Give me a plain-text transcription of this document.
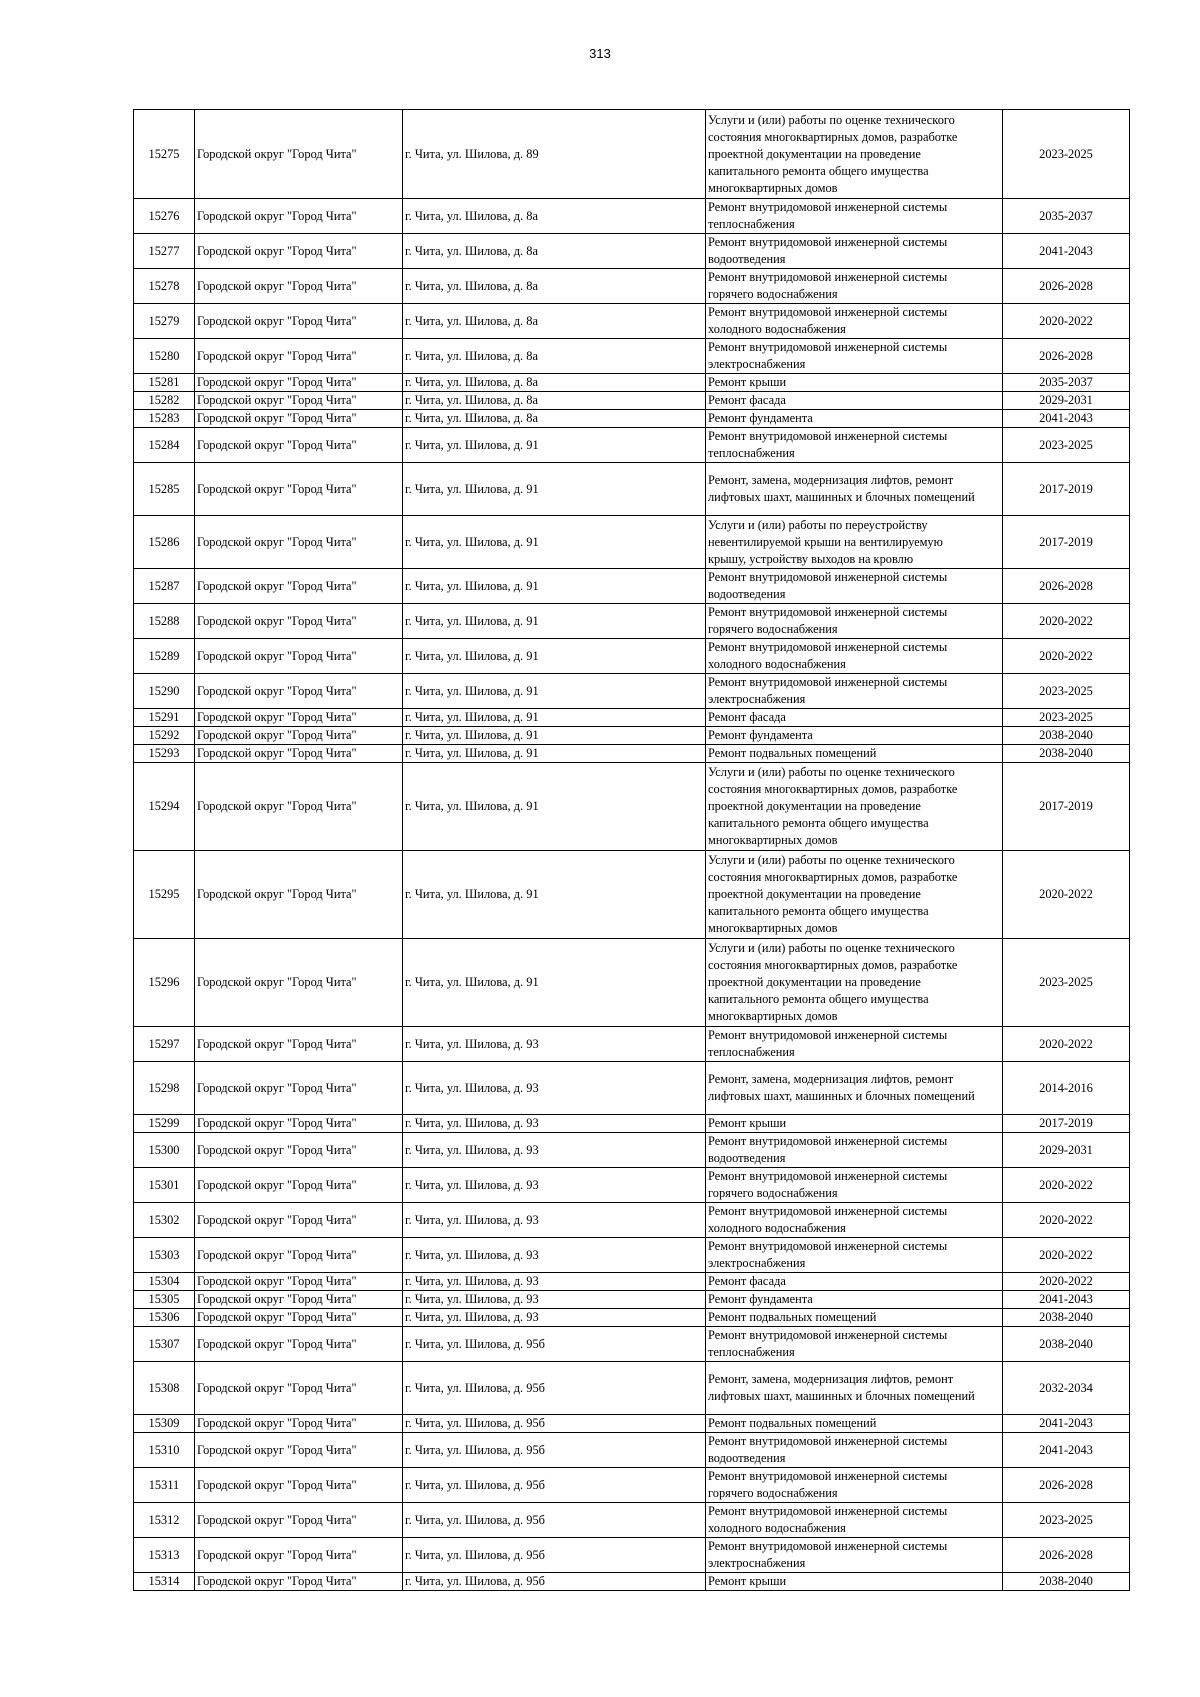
313
15275	Городской округ "Город Чита"	г. Чита, ул. Шилова, д. 89	Услуги и (или) работы по оценке технического
состояния многоквартирных домов, разработке
проектной документации на проведение
капитального ремонта общего имущества
многоквартирных домов	2023-2025
15276	Городской округ "Город Чита"	г. Чита, ул. Шилова, д. 8а	Ремонт внутридомовой инженерной системы
теплоснабжения	2035-2037
15277	Городской округ "Город Чита"	г. Чита, ул. Шилова, д. 8а	Ремонт внутридомовой инженерной системы
водоотведения	2041-2043
15278	Городской округ "Город Чита"	г. Чита, ул. Шилова, д. 8а	Ремонт внутридомовой инженерной системы
горячего водоснабжения	2026-2028
15279	Городской округ "Город Чита"	г. Чита, ул. Шилова, д. 8а	Ремонт внутридомовой инженерной системы
холодного водоснабжения	2020-2022
15280	Городской округ "Город Чита"	г. Чита, ул. Шилова, д. 8а	Ремонт внутридомовой инженерной системы
электроснабжения	2026-2028
15281	Городской округ "Город Чита"	г. Чита, ул. Шилова, д. 8а	Ремонт крыши	2035-2037
15282	Городской округ "Город Чита"	г. Чита, ул. Шилова, д. 8а	Ремонт фасада	2029-2031
15283	Городской округ "Город Чита"	г. Чита, ул. Шилова, д. 8а	Ремонт фундамента	2041-2043
15284	Городской округ "Город Чита"	г. Чита, ул. Шилова, д. 91	Ремонт внутридомовой инженерной системы
теплоснабжения	2023-2025
15285	Городской округ "Город Чита"	г. Чита, ул. Шилова, д. 91	Ремонт, замена, модернизация лифтов, ремонт
лифтовых шахт, машинных и блочных помещений	2017-2019
15286	Городской округ "Город Чита"	г. Чита, ул. Шилова, д. 91	Услуги и (или) работы по переустройству
невентилируемой крыши на вентилируемую
крышу, устройству выходов на кровлю	2017-2019
15287	Городской округ "Город Чита"	г. Чита, ул. Шилова, д. 91	Ремонт внутридомовой инженерной системы
водоотведения	2026-2028
15288	Городской округ "Город Чита"	г. Чита, ул. Шилова, д. 91	Ремонт внутридомовой инженерной системы
горячего водоснабжения	2020-2022
15289	Городской округ "Город Чита"	г. Чита, ул. Шилова, д. 91	Ремонт внутридомовой инженерной системы
холодного водоснабжения	2020-2022
15290	Городской округ "Город Чита"	г. Чита, ул. Шилова, д. 91	Ремонт внутридомовой инженерной системы
электроснабжения	2023-2025
15291	Городской округ "Город Чита"	г. Чита, ул. Шилова, д. 91	Ремонт фасада	2023-2025
15292	Городской округ "Город Чита"	г. Чита, ул. Шилова, д. 91	Ремонт фундамента	2038-2040
15293	Городской округ "Город Чита"	г. Чита, ул. Шилова, д. 91	Ремонт подвальных помещений	2038-2040
15294	Городской округ "Город Чита"	г. Чита, ул. Шилова, д. 91	Услуги и (или) работы по оценке технического
состояния многоквартирных домов, разработке
проектной документации на проведение
капитального ремонта общего имущества
многоквартирных домов	2017-2019
15295	Городской округ "Город Чита"	г. Чита, ул. Шилова, д. 91	Услуги и (или) работы по оценке технического
состояния многоквартирных домов, разработке
проектной документации на проведение
капитального ремонта общего имущества
многоквартирных домов	2020-2022
15296	Городской округ "Город Чита"	г. Чита, ул. Шилова, д. 91	Услуги и (или) работы по оценке технического
состояния многоквартирных домов, разработке
проектной документации на проведение
капитального ремонта общего имущества
многоквартирных домов	2023-2025
15297	Городской округ "Город Чита"	г. Чита, ул. Шилова, д. 93	Ремонт внутридомовой инженерной системы
теплоснабжения	2020-2022
15298	Городской округ "Город Чита"	г. Чита, ул. Шилова, д. 93	Ремонт, замена, модернизация лифтов, ремонт
лифтовых шахт, машинных и блочных помещений	2014-2016
15299	Городской округ "Город Чита"	г. Чита, ул. Шилова, д. 93	Ремонт крыши	2017-2019
15300	Городской округ "Город Чита"	г. Чита, ул. Шилова, д. 93	Ремонт внутридомовой инженерной системы
водоотведения	2029-2031
15301	Городской округ "Город Чита"	г. Чита, ул. Шилова, д. 93	Ремонт внутридомовой инженерной системы
горячего водоснабжения	2020-2022
15302	Городской округ "Город Чита"	г. Чита, ул. Шилова, д. 93	Ремонт внутридомовой инженерной системы
холодного водоснабжения	2020-2022
15303	Городской округ "Город Чита"	г. Чита, ул. Шилова, д. 93	Ремонт внутридомовой инженерной системы
электроснабжения	2020-2022
15304	Городской округ "Город Чита"	г. Чита, ул. Шилова, д. 93	Ремонт фасада	2020-2022
15305	Городской округ "Город Чита"	г. Чита, ул. Шилова, д. 93	Ремонт фундамента	2041-2043
15306	Городской округ "Город Чита"	г. Чита, ул. Шилова, д. 93	Ремонт подвальных помещений	2038-2040
15307	Городской округ "Город Чита"	г. Чита, ул. Шилова, д. 95б	Ремонт внутридомовой инженерной системы
теплоснабжения	2038-2040
15308	Городской округ "Город Чита"	г. Чита, ул. Шилова, д. 95б	Ремонт, замена, модернизация лифтов, ремонт
лифтовых шахт, машинных и блочных помещений	2032-2034
15309	Городской округ "Город Чита"	г. Чита, ул. Шилова, д. 95б	Ремонт подвальных помещений	2041-2043
15310	Городской округ "Город Чита"	г. Чита, ул. Шилова, д. 95б	Ремонт внутридомовой инженерной системы
водоотведения	2041-2043
15311	Городской округ "Город Чита"	г. Чита, ул. Шилова, д. 95б	Ремонт внутридомовой инженерной системы
горячего водоснабжения	2026-2028
15312	Городской округ "Город Чита"	г. Чита, ул. Шилова, д. 95б	Ремонт внутридомовой инженерной системы
холодного водоснабжения	2023-2025
15313	Городской округ "Город Чита"	г. Чита, ул. Шилова, д. 95б	Ремонт внутридомовой инженерной системы
электроснабжения	2026-2028
15314	Городской округ "Город Чита"	г. Чита, ул. Шилова, д. 95б	Ремонт крыши	2038-2040
